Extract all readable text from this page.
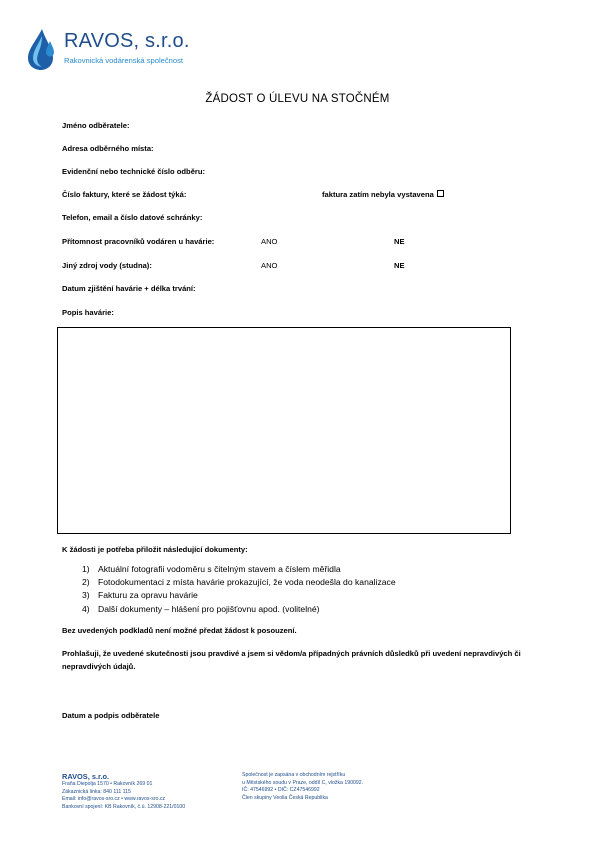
RAVOS, s.r.o.
Rakovnická vodárenská společnost
ŽÁDOST O ÚLEVU NA STOČNÉM
Jméno odběratele:
Adresa odběrného místa:
Evidenční nebo technické číslo odběru:
Číslo faktury, které se žádost týká:	faktura zatím nebyla vystavena
Telefon, email a číslo datové schránky:
Přítomnost pracovníků vodáren u havárie:	ANO	NE
Jiný zdroj vody (studna):	ANO	NE
Datum zjištění havárie + délka trvání:
Popis havárie:
K žádosti je potřeba přiložit následující dokumenty:
1) Aktuální fotografii vodoměru s čitelným stavem a číslem měřidla
2) Fotodokumentaci z místa havárie prokazující, že voda neodešla do kanalizace
3) Fakturu za opravu havárie
4) Další dokumenty – hlášení pro pojišťovnu apod. (volitelné)
Bez uvedených podkladů není možné předat žádost k posouzení.
Prohlašuji, že uvedené skutečnosti jsou pravdivé a jsem si vědom/a případných právních důsledků při uvedení nepravdivých či nepravdivých údajů.
Datum a podpis odběratele
RAVOS, s.r.o.
Fraňa Diepolja 1570 • Rakovník 269 01
Zákaznická linka: 840 111 115
Email: info@ravos-sro.cz • www.ravos-sro.cz
Bankovní spojení: KB Rakovník, č.ú. 12908-221/0100
Společnost je zapsána v obchodním rejstříku
u Městského soudu v Praze, oddíl C, vložka 190092.
IČ: 47546992 • DIČ: CZ47546992
Člen skupiny Veolia Česká Republika
